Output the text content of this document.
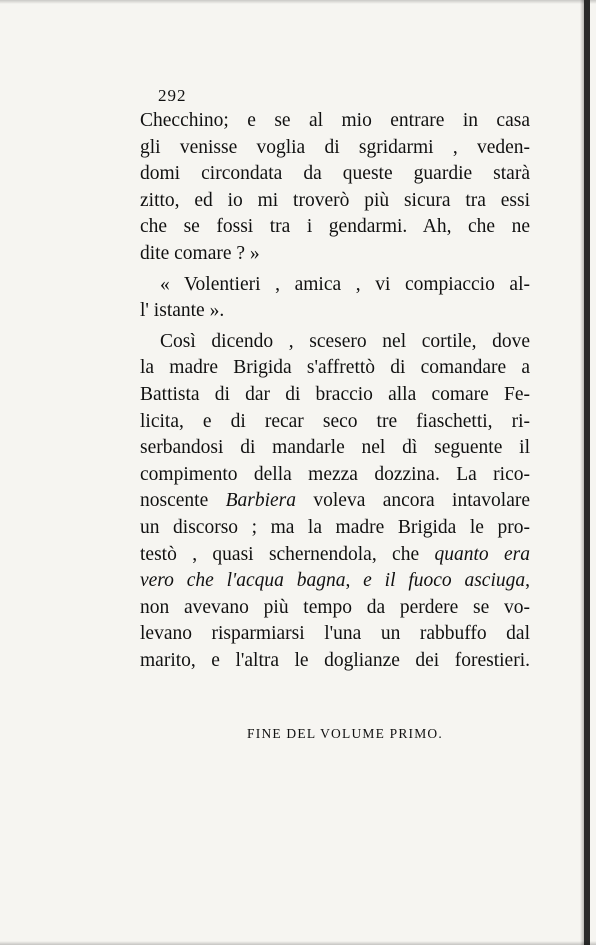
292
Checchino; e se al mio entrare in casa
gli venisse voglia di sgridarmi , veden-
domi circondata da queste guardie starà
zitto, ed io mi troverò più sicura tra essi
che se fossi tra i gendarmi. Ah, che ne
dite comare ? »
« Volentieri , amica , vi compiaccio al-
l' istante ».
Così dicendo , scesero nel cortile, dove
la madre Brigida s'affrettò di comandare a
Battista di dar di braccio alla comare Fe-
licita, e di recar seco tre fiaschetti, ri-
serbandosi di mandarle nel dì seguente il
compimento della mezza dozzina. La rico-
noscente Barbiera voleva ancora intavolare
un discorso ; ma la madre Brigida le pro-
testò , quasi schernendola, che quanto era
vero che l'acqua bagna, e il fuoco asciuga,
non avevano più tempo da perdere se vo-
levano risparmiarsi l'una un rabbuffo dal
marito, e l'altra le doglianze dei forestieri.
FINE DEL VOLUME PRIMO.
